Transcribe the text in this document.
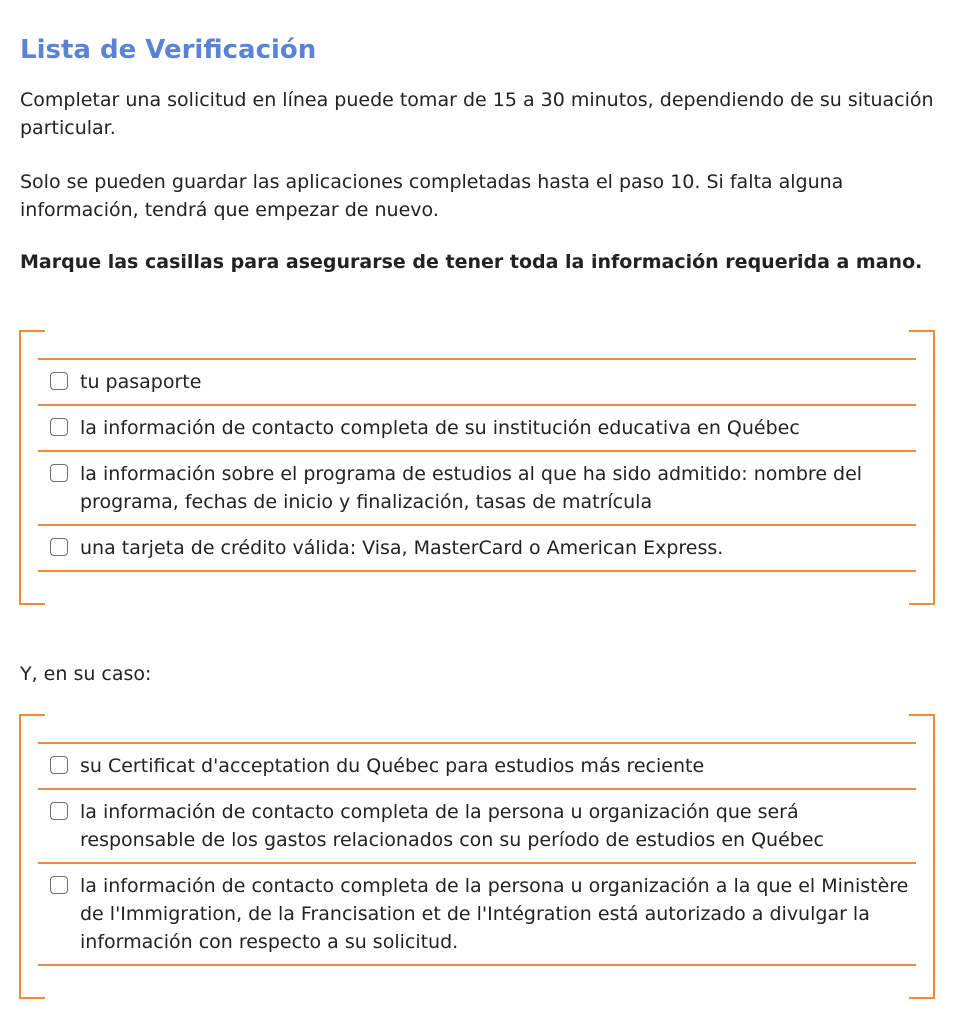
Lista de Verificación

Completar una solicitud en línea puede tomar de 15 a 30 minutos, dependiendo de su situación particular.

Solo se pueden guardar las aplicaciones completadas hasta el paso 10. Si falta alguna información, tendrá que empezar de nuevo.

Marque las casillas para asegurarse de tener toda la información requerida a mano.

tu pasaporte
la información de contacto completa de su institución educativa en Québec
la información sobre el programa de estudios al que ha sido admitido: nombre del programa, fechas de inicio y finalización, tasas de matrícula
una tarjeta de crédito válida: Visa, MasterCard o American Express.

Y, en su caso:

su Certificat d'acceptation du Québec para estudios más reciente
la información de contacto completa de la persona u organización que será responsable de los gastos relacionados con su período de estudios en Québec
la información de contacto completa de la persona u organización a la que el Ministère de l'Immigration, de la Francisation et de l'Intégration está autorizado a divulgar la información con respecto a su solicitud.
